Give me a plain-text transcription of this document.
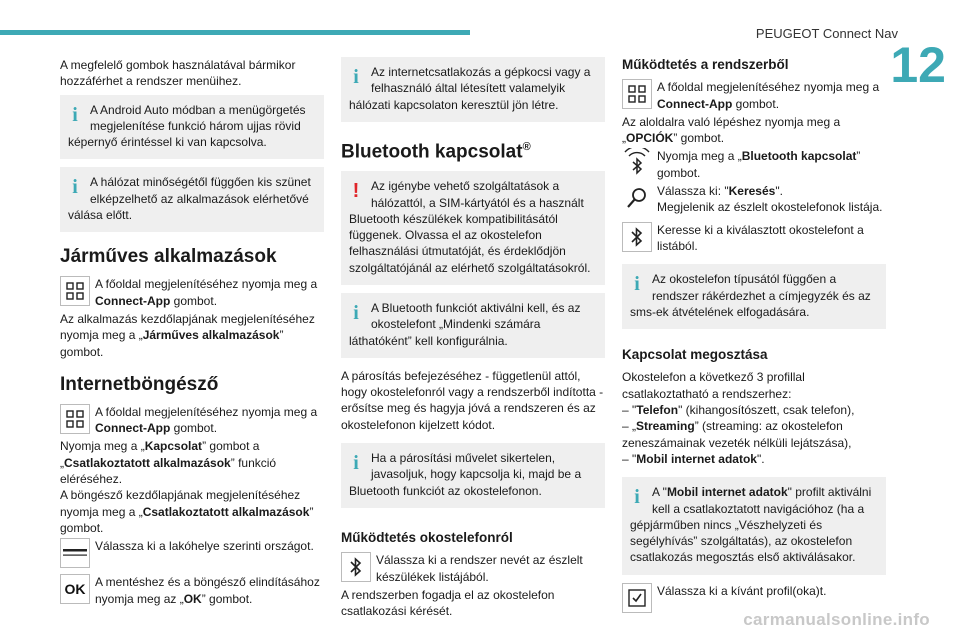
PEUGEOT Connect Nav
12

A megfelelő gombok használatával bármikor hozzáférhet a rendszer menüihez.

i	A Android Auto módban a menügörgetés
megjelenítése funkció három ujjas rövid képernyő érintéssel ki van kapcsolva.
i	A hálózat minőségétől függően kis szünet
elképzelhető az alkalmazások elérhetővé válása előtt.
Járműves alkalmazások
A főoldal megjelenítéséhez nyomja meg a Connect-App gombot.

Az alkalmazás kezdőlapjának megjelenítéséhez nyomja meg a „Járműves alkalmazások” gombot.

Internetböngésző
A főoldal megjelenítéséhez nyomja meg a Connect-App gombot.

Nyomja meg a „Kapcsolat” gombot a „Csatlakoztatott alkalmazások” funkció eléréséhez.

A böngésző kezdőlapjának megjelenítéséhez nyomja meg a „Csatlakoztatott alkalmazások” gombot.

Válassza ki a lakóhelye szerinti országot.
OK A mentéshez és a böngésző elindításához nyomja meg az „OK” gombot.
i	Az internetcsatlakozás a gépkocsi vagy a
felhasználó által létesített valamelyik hálózati kapcsolaton keresztül jön létre.
Bluetooth kapcsolat®
! Az igénybe vehető szolgáltatások a
hálózattól, a SIM-kártyától és a használt Bluetooth készülékek kompatibilitásától függenek. Olvassa el az okostelefon felhasználási útmutatóját, és érdeklődjön szolgáltatójánál az elérhető szolgáltatásokról.
i	A Bluetooth funkciót aktiválni kell, és az
okostelefont „Mindenki számára láthatóként” kell konfigurálnia.

A párosítás befejezéséhez - függetlenül attól, hogy okostelefonról vagy a rendszerből indította - erősítse meg és hagyja jóvá a rendszeren és az okostelefonon kijelzett kódot.

i	Ha a párosítási művelet sikertelen,
javasoljuk, hogy kapcsolja ki, majd be a Bluetooth funkciót az okostelefonon.
Működtetés okostelefonról
Válassza ki a rendszer nevét az észlelt készülékek listájából.

A rendszerben fogadja el az okostelefon csatlakozási kérését.

Működtetés a rendszerből
A főoldal megjelenítéséhez nyomja meg a Connect-App gombot.

Az aloldalra való lépéshez nyomja meg a „OPCIÓK” gombot.

Nyomja meg a „Bluetooth kapcsolat” gombot.
Válassza ki: "Keresés".
Megjelenik az észlelt okostelefonok listája.
Keresse ki a kiválasztott okostelefont a listából.
i	Az okostelefon típusától függően a
rendszer rákérdezhet a címjegyzék és az sms-ek átvételének elfogadására.
Kapcsolat megosztása

Okostelefon a következő 3 profillal csatlakoztatható a rendszerhez:

– "Telefon" (kihangosítószett, csak telefon),

– „Streaming” (streaming: az okostelefon zeneszámainak vezeték nélküli lejátszása),

– "Mobil internet adatok".

i	A "Mobil internet adatok" profilt aktiválni
kell a csatlakoztatott navigációhoz (ha a gépjárműben nincs „Vészhelyzeti és segélyhívás” szolgáltatás), az okostelefon csatlakozás megosztás első aktiválásakor.
Válassza ki a kívánt profil(oka)t.
carmanualsonline.info
